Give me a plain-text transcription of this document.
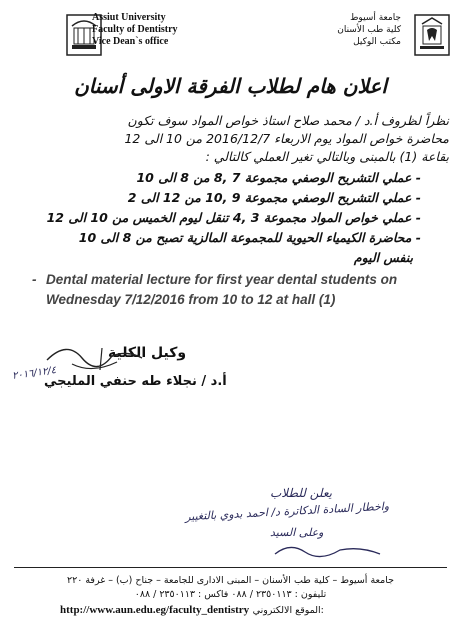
Assiut University
Faculty of Dentistry
Vice Dean`s office
جامعة أسيوط
كلية طب الأسنان
مكتب الوكيل
اعلان هام لطلاب الفرقة الاولى أسنان
نظراً لظروف أ.د / محمد صلاح استاذ خواص المواد سوف تكون
محاضرة خواص المواد يوم الاربعاء 2016/12/7 من 10 الى 12
بقاعة (1) بالمبنى وبالتالي تغير العملي كالتالي :
- عملي التشريح الوصفي مجموعة 7 ,8 من 8 الى 10
- عملي التشريح الوصفي مجموعة 9 ,10 من 12 الى 2
- عملي خواص المواد مجموعة 3 ,4 تنقل ليوم الخميس من 10 الى 12
- محاضرة الكيمياء الحيوية للمجموعة المالزية تصبح من 8 الى 10
بنفس اليوم
- Dental material lecture for first year dental students on Wednesday 7/12/2016 from 10 to 12 at hall (1)
وكيل الكلية
٢٠١٦/١٢/٤
أ.د / نجلاء طه حنفي المليجي
يعلن للطلاب
واخطار السادة الدكاترة د/ احمد بدوي بالتغيير
وعلى السيد
جامعة أسيوط – كلية طب الأسنان – المبنى الادارى للجامعة – جناح (ب) – غرفة ٢٢٠
تليفون : ٢٣٥٠١١٣ / ٠٨٨ فاكس : ٢٣٥٠١١٣ / ٠٨٨
http://www.aun.edu.eg/faculty_dentistry الموقع الالكتروني:
